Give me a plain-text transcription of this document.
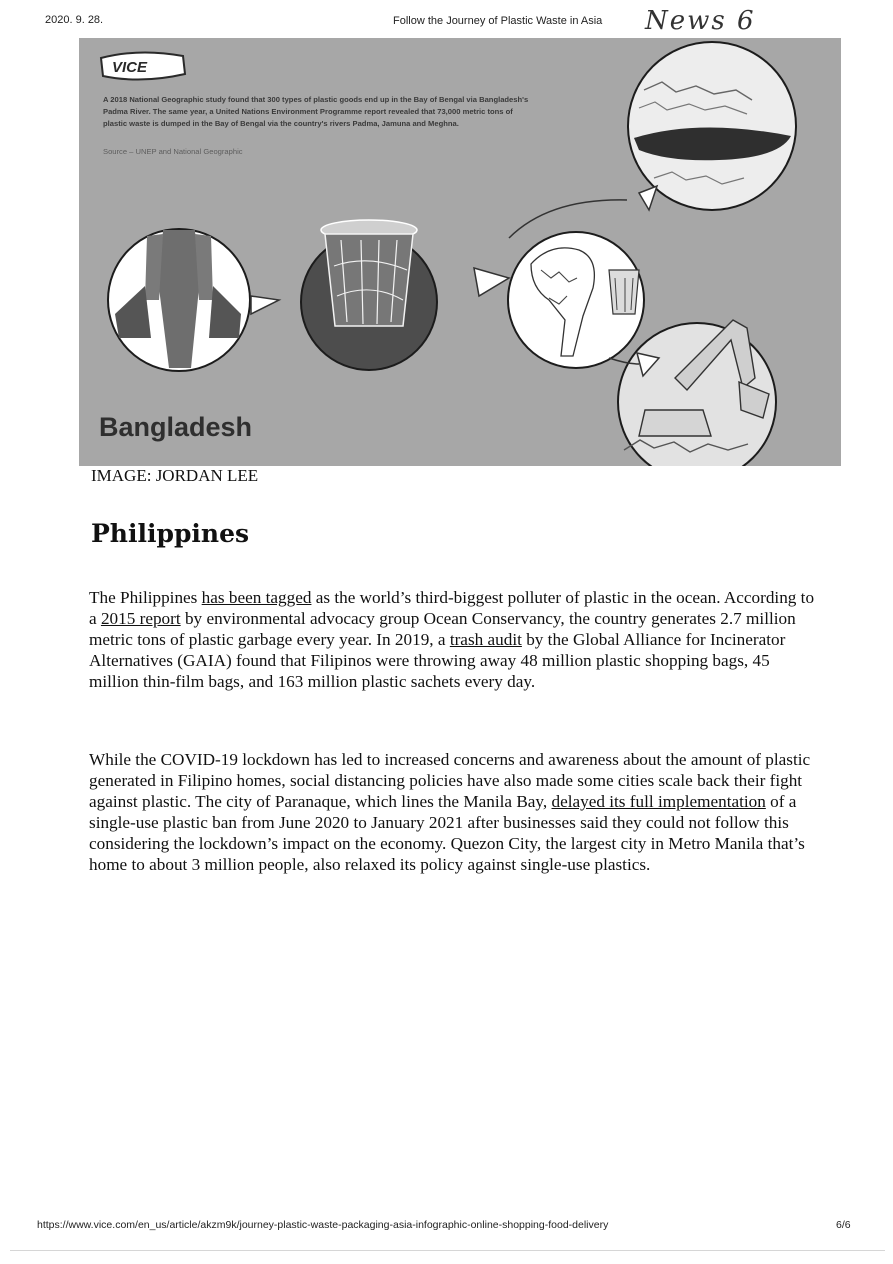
2020. 9. 28.	Follow the Journey of Plastic Waste in Asia News 6
VICE
A 2018 National Geographic study found that 300 types of plastic goods end up in the Bay of Bengal via Bangladesh's Padma River. The same year, a United Nations Environment Programme report revealed that 73,000 metric tons of plastic waste is dumped in the Bay of Bengal via the country's rivers Padma, Jamuna and Meghna.
Source – UNEP and National Geographic
Bangladesh
IMAGE: JORDAN LEE
Philippines

The Philippines has been tagged as the world’s third-biggest polluter of plastic in the ocean. According to a 2015 report by environmental advocacy group Ocean Conservancy, the country generates 2.7 million metric tons of plastic garbage every year. In 2019, a trash audit by the Global Alliance for Incinerator Alternatives (GAIA) found that Filipinos were throwing away 48 million plastic shopping bags, 45 million thin-film bags, and 163 million plastic sachets every day.

While the COVID-19 lockdown has led to increased concerns and awareness about the amount of plastic generated in Filipino homes, social distancing policies have also made some cities scale back their fight against plastic. The city of Paranaque, which lines the Manila Bay, delayed its full implementation of a single-use plastic ban from June 2020 to January 2021 after businesses said they could not follow this considering the lockdown’s impact on the economy. Quezon City, the largest city in Metro Manila that’s home to about 3 million people, also relaxed its policy against single-use plastics.

https://www.vice.com/en_us/article/akzm9k/journey-plastic-waste-packaging-asia-infographic-online-shopping-food-delivery	6/6
